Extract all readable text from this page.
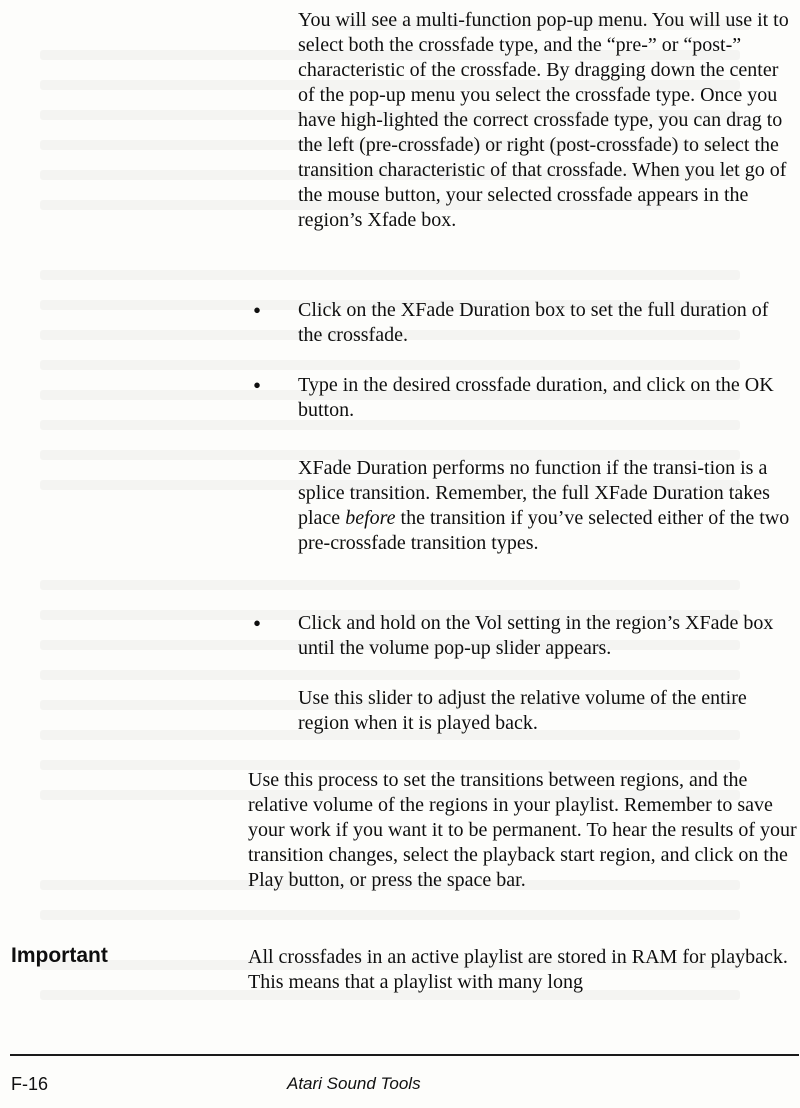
You will see a multi-function pop-up menu. You will use it to select both the crossfade type, and the “pre-” or “post-” characteristic of the crossfade. By dragging down the center of the pop-up menu you select the crossfade type. Once you have high-lighted the correct crossfade type, you can drag to the left (pre-crossfade) or right (post-crossfade) to select the transition characteristic of that crossfade. When you let go of the mouse button, your selected crossfade appears in the region’s Xfade box.

• Click on the XFade Duration box to set the full duration of the crossfade.

• Type in the desired crossfade duration, and click on the OK button.

XFade Duration performs no function if the transi-tion is a splice transition. Remember, the full XFade Duration takes place before the transition if you’ve selected either of the two pre-crossfade transition types.

• Click and hold on the Vol setting in the region’s XFade box until the volume pop-up slider appears.

Use this slider to adjust the relative volume of the entire region when it is played back.

Use this process to set the transitions between regions, and the relative volume of the regions in your playlist. Remember to save your work if you want it to be permanent. To hear the results of your transition changes, select the playback start region, and click on the Play button, or press the space bar.

Important	All crossfades in an active playlist are stored in RAM for playback. This means that a playlist with many long

F-16	Atari Sound Tools
